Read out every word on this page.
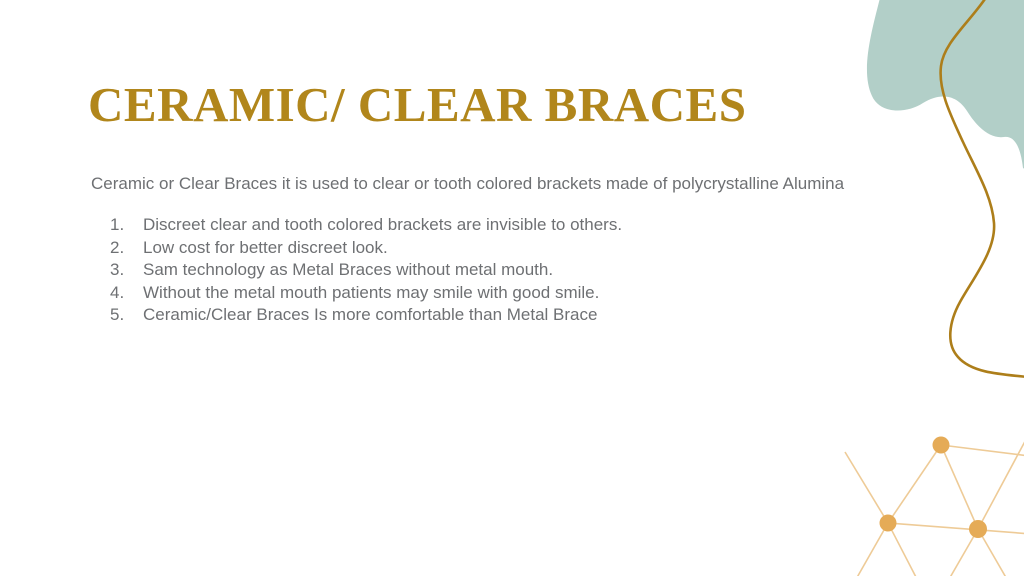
CERAMIC/ CLEAR BRACES

Ceramic or Clear Braces it is used to clear or tooth colored brackets made of polycrystalline Alumina

1.	Discreet clear and tooth colored brackets are invisible to others.
2.	Low cost for better discreet look.
3.	Sam technology as Metal Braces without metal mouth.
4.	Without the metal mouth patients may smile with good smile.
5.	Ceramic/Clear Braces Is more comfortable than Metal Brace
